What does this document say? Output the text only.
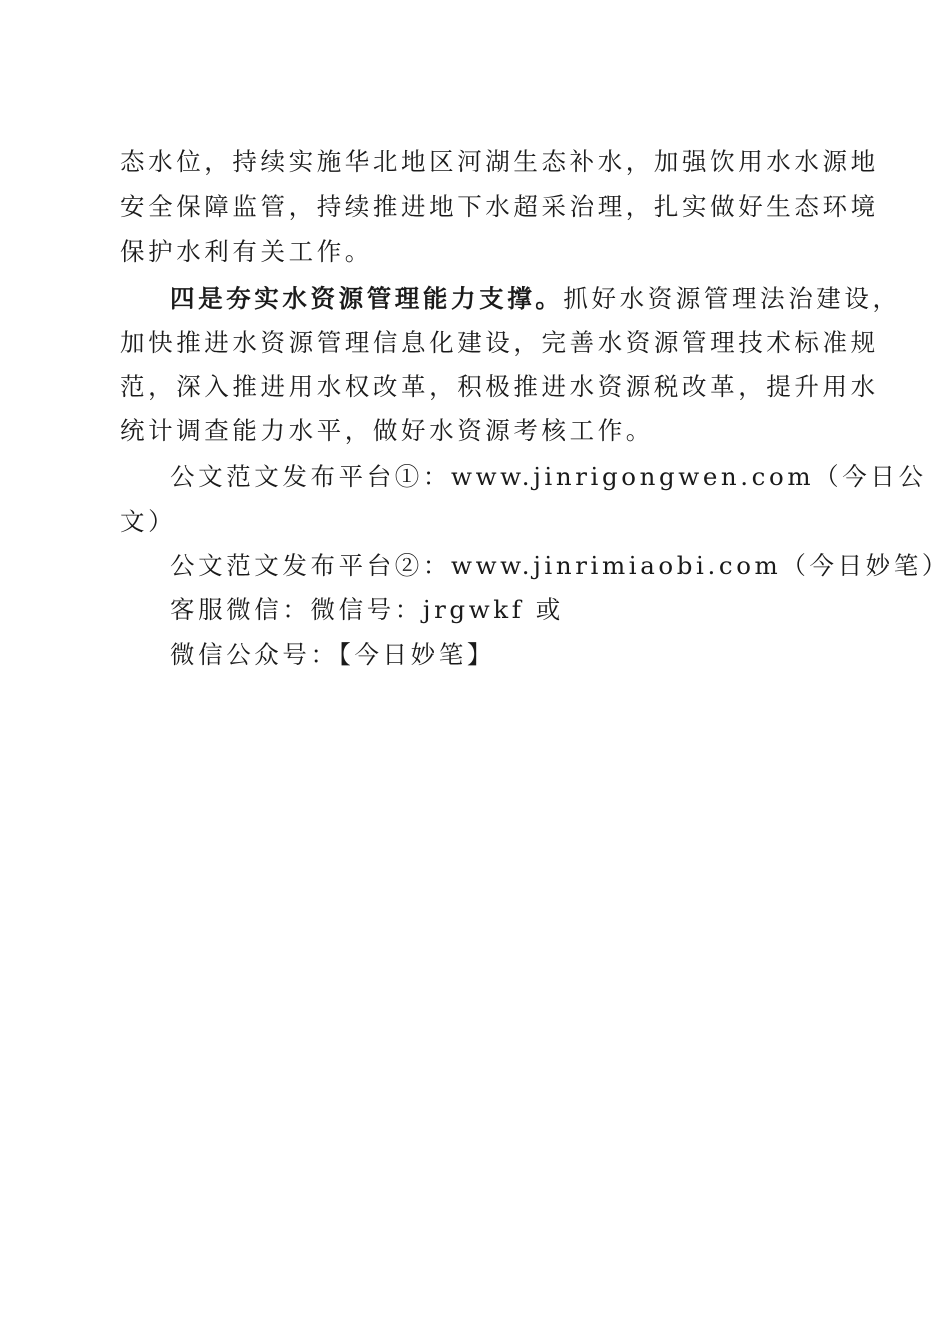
态水位，持续实施华北地区河湖生态补水，加强饮用水水源地
安全保障监管，持续推进地下水超采治理，扎实做好生态环境
保护水利有关工作。
四是夯实水资源管理能力支撑。抓好水资源管理法治建设，
加快推进水资源管理信息化建设，完善水资源管理技术标准规
范，深入推进用水权改革，积极推进水资源税改革，提升用水
统计调查能力水平，做好水资源考核工作。
公文范文发布平台①：www.jinrigongwen.com（今日公
文）
公文范文发布平台②：www.jinrimiaobi.com（今日妙笔）
客服微信：微信号：jrgwkf 或
微信公众号：【今日妙笔】
